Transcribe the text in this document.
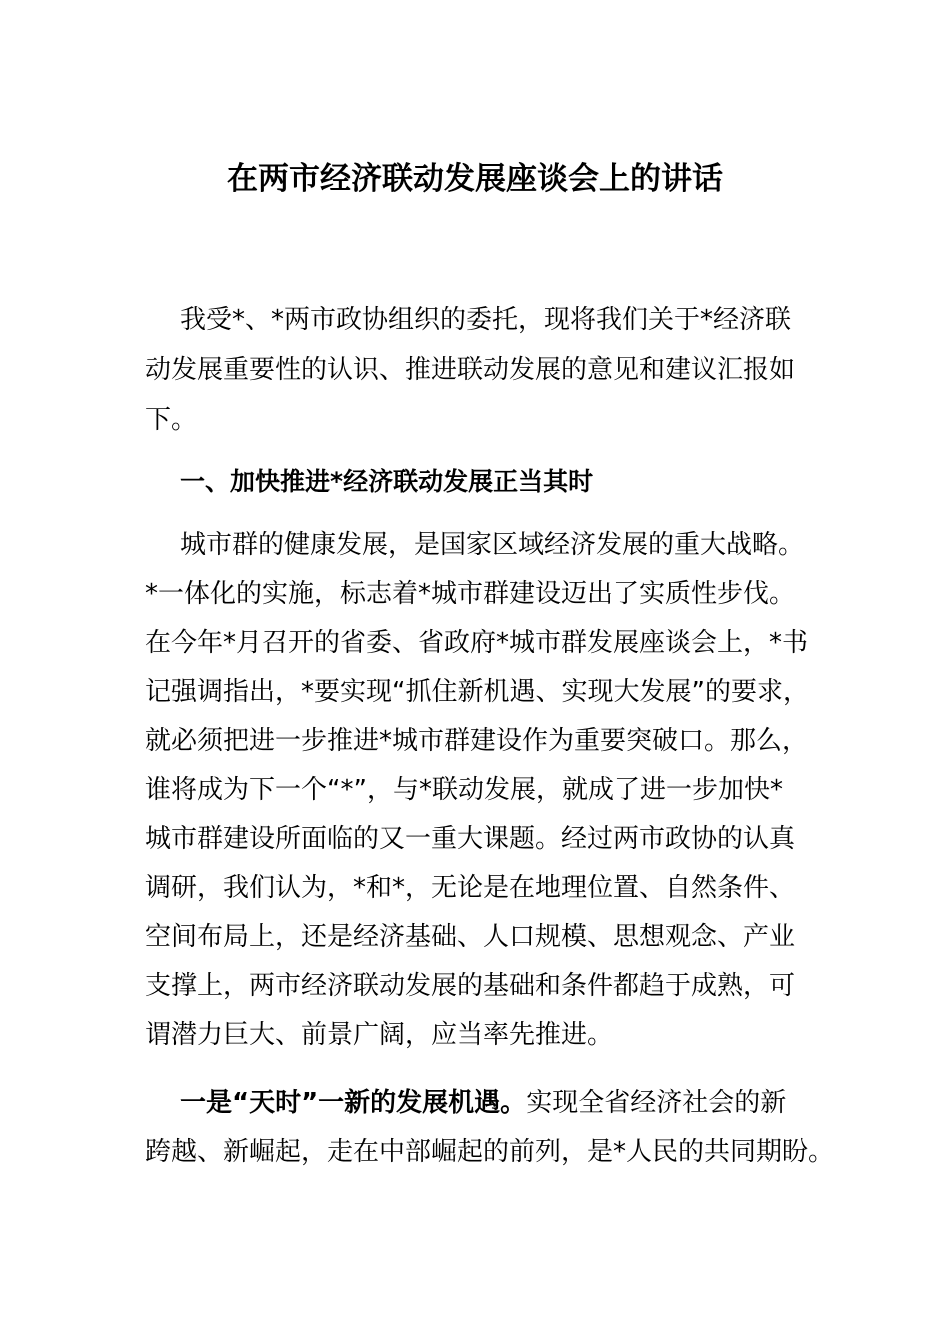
在两市经济联动发展座谈会上的讲话
我受*、*两市政协组织的委托，现将我们关于*经济联
动发展重要性的认识、推进联动发展的意见和建议汇报如
下。
一、加快推进*经济联动发展正当其时
城市群的健康发展，是国家区域经济发展的重大战略。
*一体化的实施，标志着*城市群建设迈出了实质性步伐。
在今年*月召开的省委、省政府*城市群发展座谈会上，*书
记强调指出，*要实现“抓住新机遇、实现大发展”的要求，
就必须把进一步推进*城市群建设作为重要突破口。那么，
谁将成为下一个“*”，与*联动发展，就成了进一步加快*
城市群建设所面临的又一重大课题。经过两市政协的认真
调研，我们认为，*和*，无论是在地理位置、自然条件、
空间布局上，还是经济基础、人口规模、思想观念、产业
支撑上，两市经济联动发展的基础和条件都趋于成熟，可
谓潜力巨大、前景广阔，应当率先推进。
一是“天时”一新的发展机遇。实现全省经济社会的新
跨越、新崛起，走在中部崛起的前列，是*人民的共同期盼。
